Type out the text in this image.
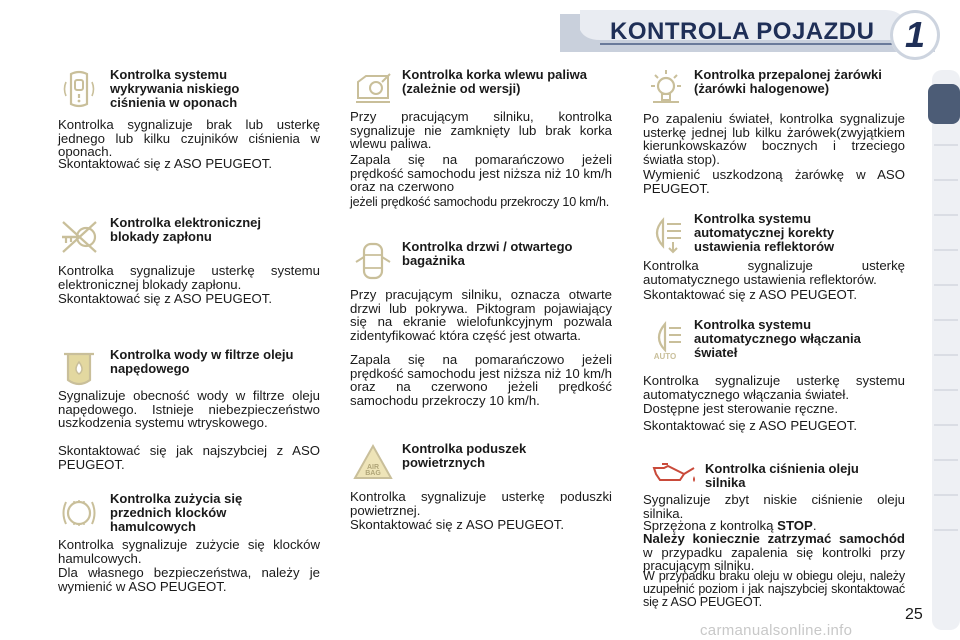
KONTROLA POJAZDU 1
Kontrolka systemu wykrywania niskiego ciśnienia w oponach
Kontrolka sygnalizuje brak lub usterkę jednego lub kilku czujników ciśnienia w oponach.
Skontaktować się z ASO PEUGEOT.
Kontrolka elektronicznej blokady zapłonu
Kontrolka sygnalizuje usterkę systemu elektronicznej blokady zapłonu.
Skontaktować się z ASO PEUGEOT.
Kontrolka wody w filtrze oleju napędowego
Sygnalizuje obecność wody w filtrze oleju napędowego. Istnieje niebezpieczeństwo uszkodzenia systemu wtryskowego.
Skontaktować się jak najszybciej z ASO PEUGEOT.
Kontrolka zużycia się przednich klocków hamulcowych
Kontrolka sygnalizuje zużycie się klocków hamulcowych.
Dla własnego bezpieczeństwa, należy je wymienić w ASO PEUGEOT.
Kontrolka korka wlewu paliwa (zależnie od wersji)
Przy pracującym silniku, kontrolka sygnalizuje nie zamknięty lub brak korka wlewu paliwa.
Zapala się na pomarańczowo jeżeli prędkość samochodu jest niższa niż 10 km/h oraz na czerwono
jeżeli prędkość samochodu przekroczy 10 km/h.
Kontrolka drzwi / otwartego bagażnika
Przy pracującym silniku, oznacza otwarte drzwi lub pokrywa. Piktogram pojawiający się na ekranie wielofunkcyjnym pozwala zidentyfikować która część jest otwarta.
Zapala się na pomarańczowo jeżeli prędkość samochodu jest niższa niż 10 km/h oraz na czerwono jeżeli prędkość samochodu przekroczy 10 km/h.
AIR
BAG
Kontrolka poduszek powietrznych
Kontrolka sygnalizuje usterkę poduszki powietrznej.
Skontaktować się z ASO PEUGEOT.
Kontrolka przepalonej żarówki (żarówki halogenowe)
Po zapaleniu świateł, kontrolka sygnalizuje usterkę jednej lub kilku żarówek(zwyjątkiem kierunkowskazów bocznych i trzeciego światła stop).
Wymienić uszkodzoną żarówkę w ASO PEUGEOT.
Kontrolka systemu automatycznej korekty ustawienia reflektorów
Kontrolka sygnalizuje usterkę automatycznego ustawienia reflektorów.
Skontaktować się z ASO PEUGEOT.
AUTO
Kontrolka systemu automatycznego włączania świateł
Kontrolka sygnalizuje usterkę systemu automatycznego włączania świateł.
Dostępne jest sterowanie ręczne.
Skontaktować się z ASO PEUGEOT.
Kontrolka ciśnienia oleju silnika
Sygnalizuje zbyt niskie ciśnienie oleju silnika.
Sprzężona z kontrolką STOP.
Należy koniecznie zatrzymać samochód w przypadku zapalenia się kontrolki przy pracującym silniku.
W przypadku braku oleju w obiegu oleju, należy uzupełnić poziom i jak najszybciej skontaktować się z ASO PEUGEOT.
25
carmanualsonline.info
